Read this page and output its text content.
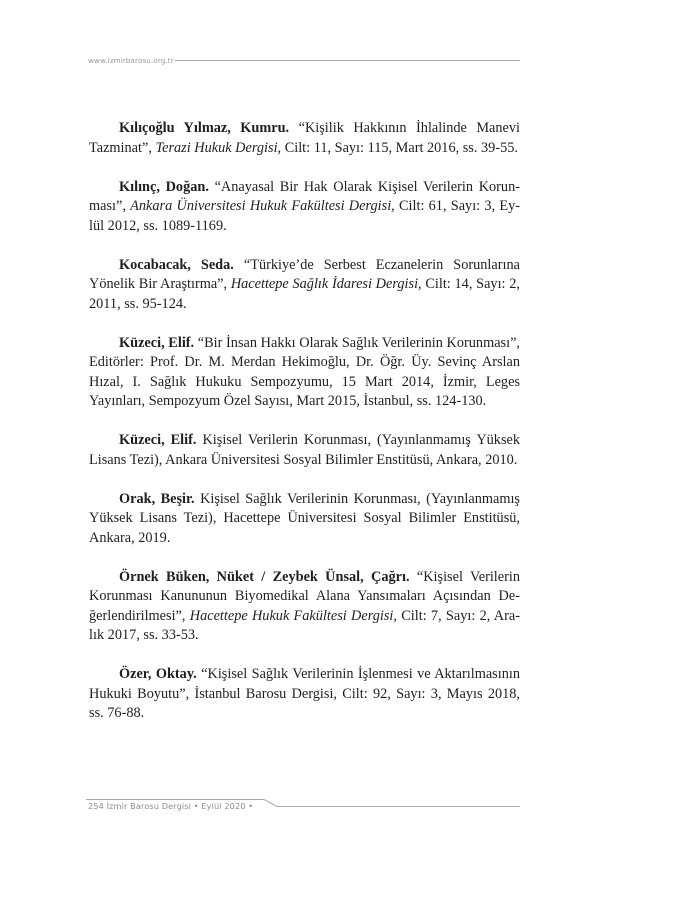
www.izmirbarosu.org.tr

Kılıçoğlu Yılmaz, Kumru. “Kişilik Hakkının İhlalinde Manevi Tazminat”, Terazi Hukuk Dergisi, Cilt: 11, Sayı: 115, Mart 2016, ss. 39-55.

Kılınç, Doğan. “Anayasal Bir Hak Olarak Kişisel Verilerin Korunması”, Ankara Üniversitesi Hukuk Fakültesi Dergisi, Cilt: 61, Sayı: 3, Eylül 2012, ss. 1089-1169.

Kocabacak, Seda. “Türkiye’de Serbest Eczanelerin Sorunlarına Yönelik Bir Araştırma”, Hacettepe Sağlık İdaresi Dergisi, Cilt: 14, Sayı: 2, 2011, ss. 95-124.

Küzeci, Elif. “Bir İnsan Hakkı Olarak Sağlık Verilerinin Korunması”, Editörler: Prof. Dr. M. Merdan Hekimoğlu, Dr. Öğr. Üy. Sevinç Arslan Hızal, I. Sağlık Hukuku Sempozyumu, 15 Mart 2014, İzmir, Leges Yayınları, Sempozyum Özel Sayısı, Mart 2015, İstanbul, ss. 124-130.

Küzeci, Elif. Kişisel Verilerin Korunması, (Yayınlanmamış Yüksek Lisans Tezi), Ankara Üniversitesi Sosyal Bilimler Enstitüsü, Ankara, 2010.

Orak, Beşir. Kişisel Sağlık Verilerinin Korunması, (Yayınlanmamış Yüksek Lisans Tezi), Hacettepe Üniversitesi Sosyal Bilimler Enstitüsü, Ankara, 2019.

Örnek Büken, Nüket / Zeybek Ünsal, Çağrı. “Kişisel Verilerin Korunması Kanununun Biyomedikal Alana Yansımaları Açısından Değerlendirilmesi”, Hacettepe Hukuk Fakültesi Dergisi, Cilt: 7, Sayı: 2, Aralık 2017, ss. 33-53.

Özer, Oktay. “Kişisel Sağlık Verilerinin İşlenmesi ve Aktarılmasının Hukuki Boyutu”, İstanbul Barosu Dergisi, Cilt: 92, Sayı: 3, Mayıs 2018, ss. 76-88.

254 İzmir Barosu Dergisi • Eylül 2020 •
